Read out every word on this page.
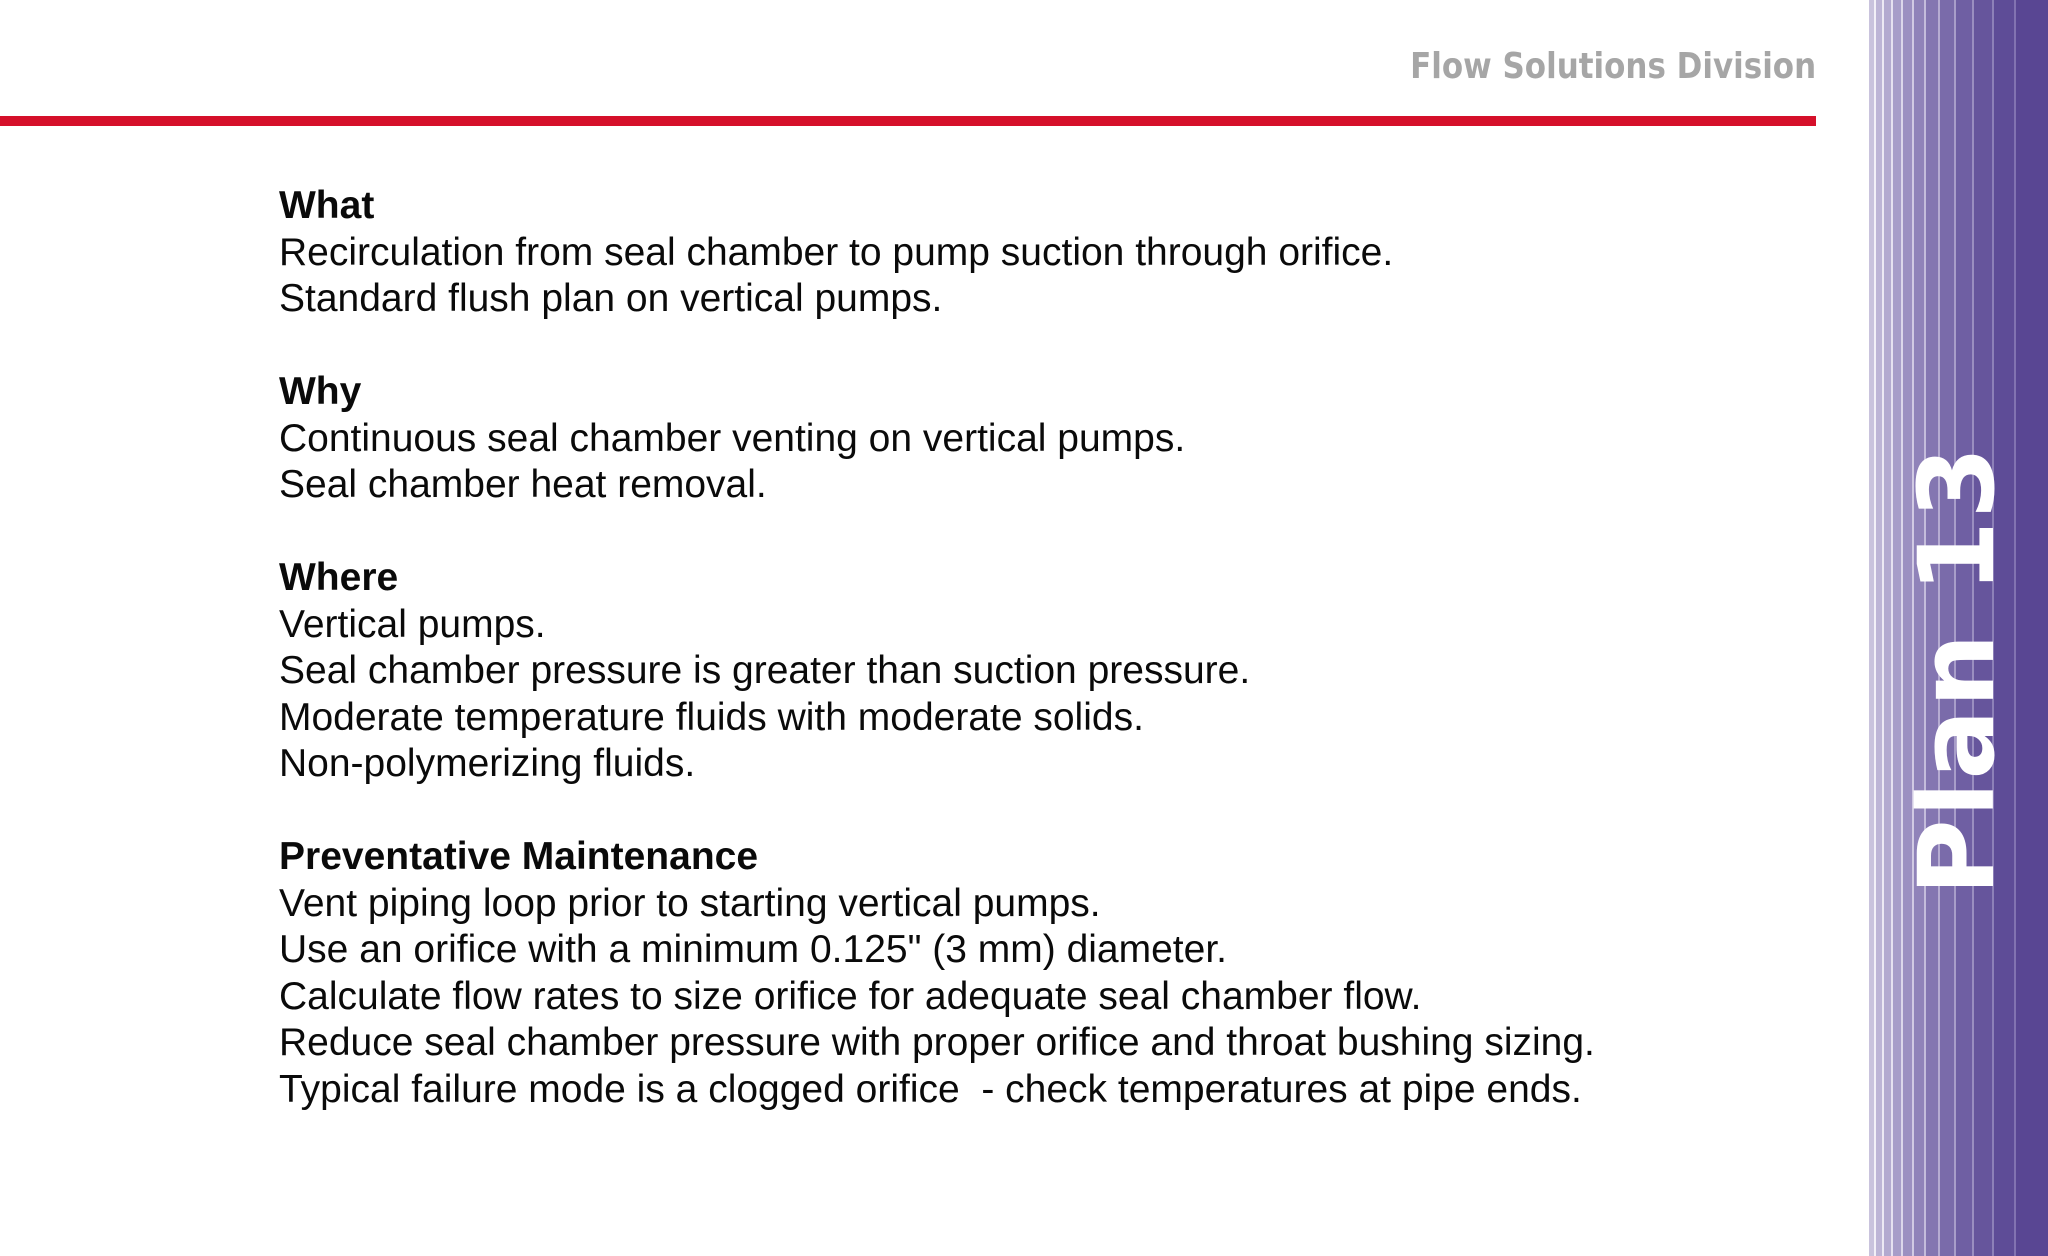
Flow Solutions Division
What
Recirculation from seal chamber to pump suction through orifice.
Standard flush plan on vertical pumps.
Why
Continuous seal chamber venting on vertical pumps.
Seal chamber heat removal.
Where
Vertical pumps.
Seal chamber pressure is greater than suction pressure.
Moderate temperature fluids with moderate solids.
Non-polymerizing fluids.
Preventative Maintenance
Vent piping loop prior to starting vertical pumps.
Use an orifice with a minimum 0.125" (3 mm) diameter.
Calculate flow rates to size orifice for adequate seal chamber flow.
Reduce seal chamber pressure with proper orifice and throat bushing sizing.
Typical failure mode is a clogged orifice  - check temperatures at pipe ends.
Plan 13
